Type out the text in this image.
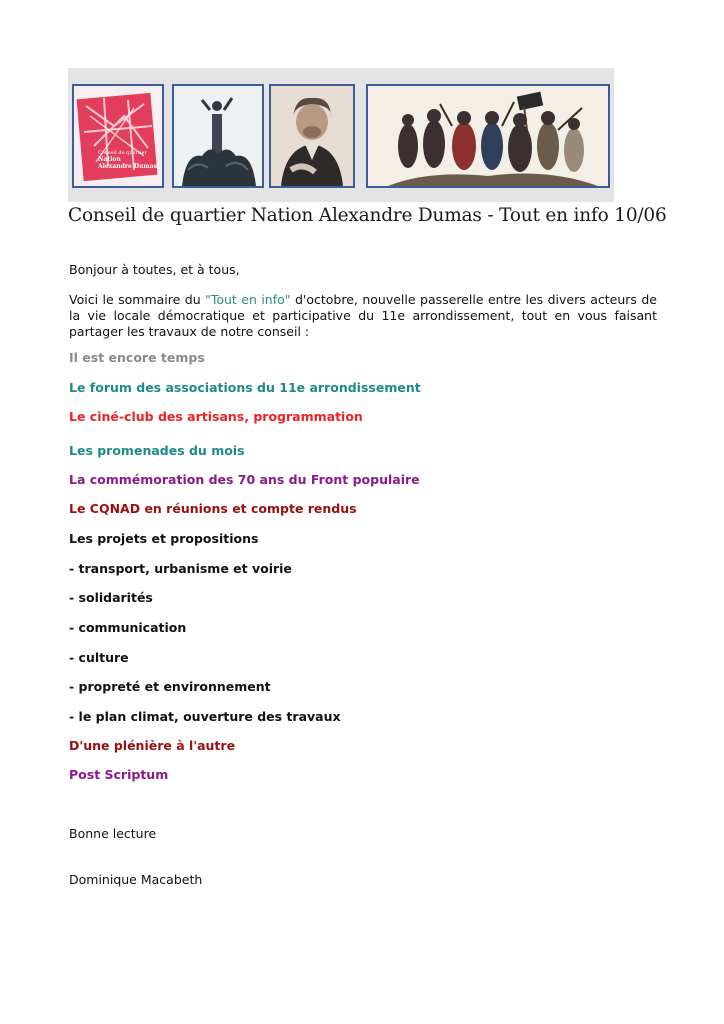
Conseil de quartier
Nation
Alexandre Dumas
Conseil de quartier Nation Alexandre Dumas - Tout en info 10/06
Bonjour à toutes, et à tous,
Voici le sommaire du "Tout en info" d'octobre, nouvelle passerelle entre les divers acteurs de la vie locale démocratique et participative du 11e arrondissement, tout en vous faisant partager les travaux de notre conseil :
Il est encore temps
Le forum des associations du 11e arrondissement
Le ciné-club des artisans, programmation
Les promenades du mois
La commémoration des 70 ans du Front populaire
Le CQNAD en réunions et compte rendus
Les projets et propositions
- transport, urbanisme et voirie
- solidarités
- communication
- culture
- propreté et environnement
- le plan climat, ouverture des travaux
D'une plénière à l'autre
Post Scriptum
Bonne lecture
Dominique Macabeth
